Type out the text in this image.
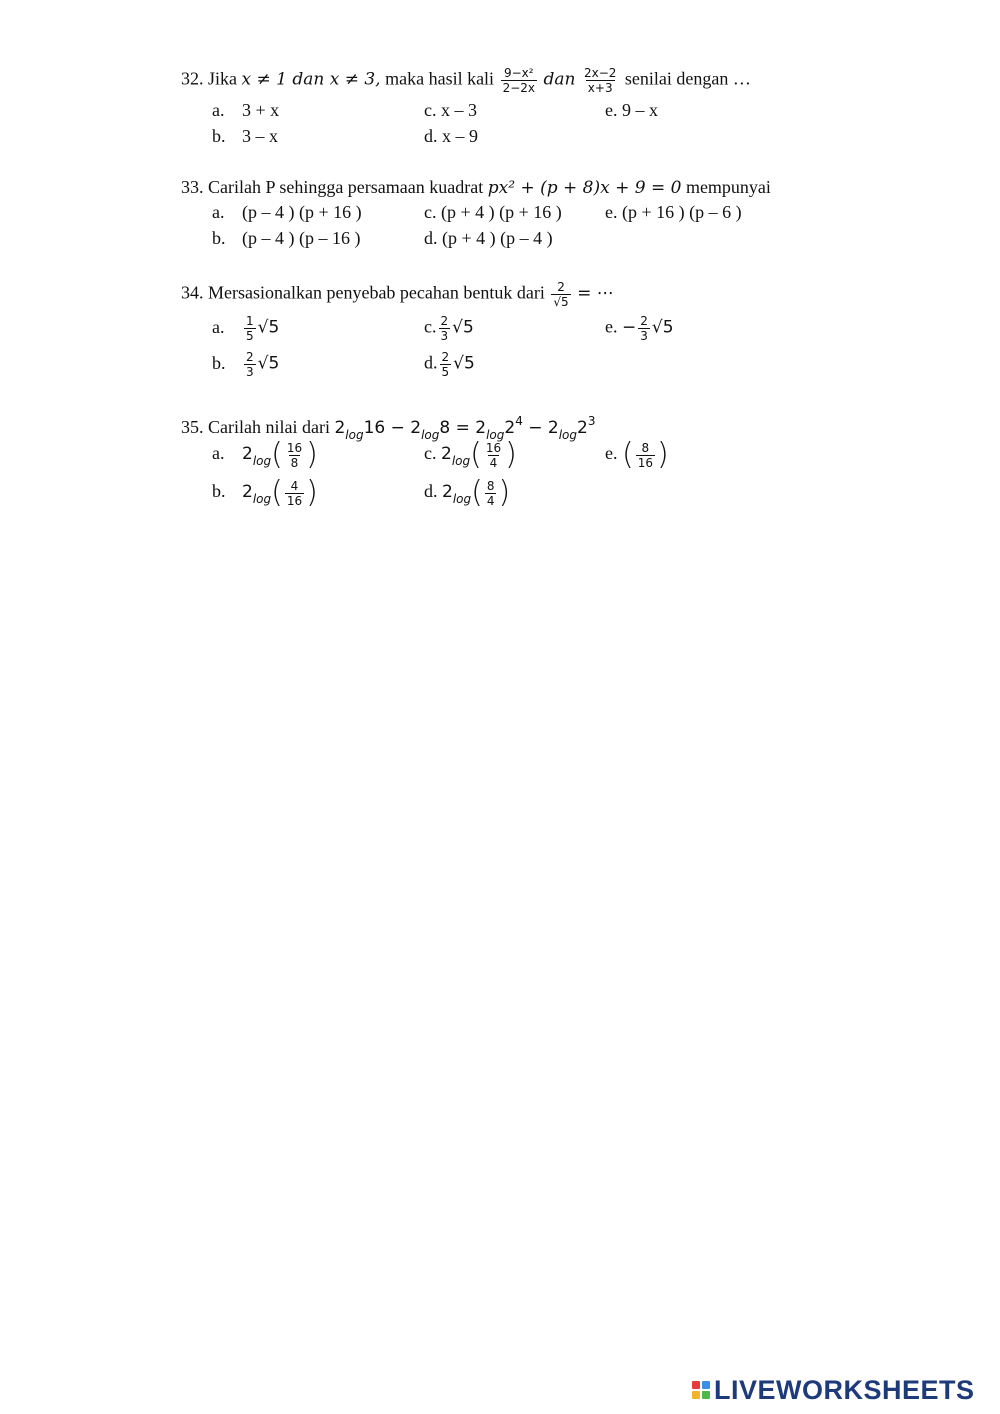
32. Jika x ≠ 1 dan x ≠ 3, maka hasil kali $\frac{\text{9−x²}}{2-2x}$ dan $\frac{2x-2}{x+3}$ senilai dengan …
a. 3 + x	c. x – 3	e. 9 – x
b. 3 – x	d. x – 9
33. Carilah P sehingga persamaan kuadrat px² + (p + 8)x + 9 = 0 mempunyai
a. (p – 4 ) (p + 16 )	c. (p + 4 ) (p + 16 ) e. (p + 16 ) (p – 6 )
b. (p – 4 ) (p – 16 )	d. (p + 4 ) (p – 4 )
34. Mersasionalkan penyebab pecahan bentuk dari $\frac{2}{√5}$ = ⋯
a. $\frac{1}{5} √5$	c. $\frac{2}{3} √5$	e. − $\frac{2}{3} √5$
b. $\frac{2}{3} √5$	d. $\frac{2}{5} √5$
35. Carilah nilai dari $2_{log}16 - 2_{log}8 = 2_{log}2^4 - 2_{log}2^3$
a. $2_{log}( \frac{16}{8}$ )	c. $2_{log}( \frac{16}{4}$ )	e. ( $\frac{8}{16}$ )
b. $2_{log}( \frac{4}{16}$ )	d. $2_{log}( \frac{8}{4}$ )
LIVEWORKSHEETS
